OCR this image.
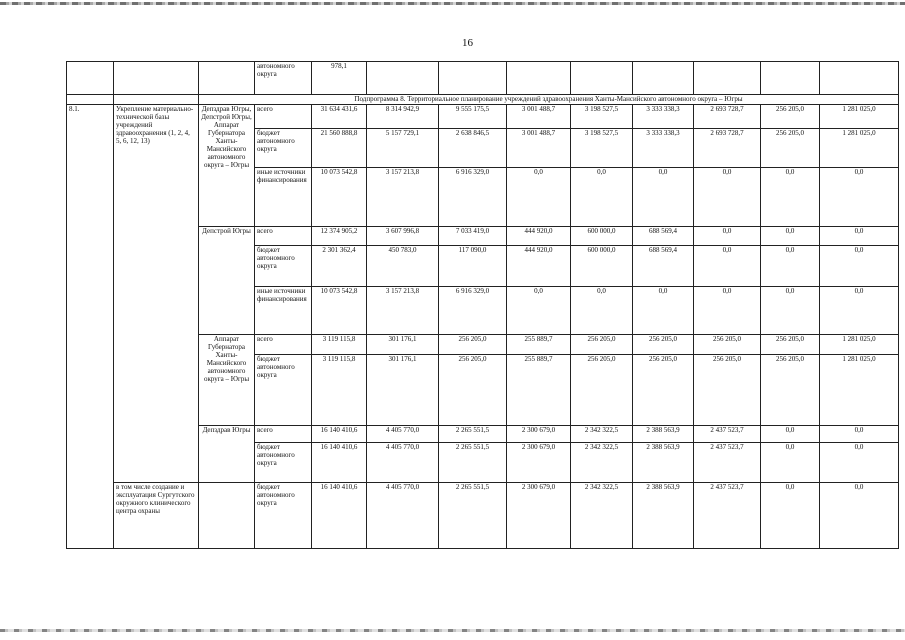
16
			автономного округа	978,1								
		Подпрограмма 8. Территориальное планирование учреждений здравоохранения Ханты-Мансийского автономного округа – Югры										
8.1.	Укрепление материально-технической базы учреждений здравоохранения (1, 2, 4, 5, 6, 12, 13)	Депздрав Югры, Депстрой Югры, Аппарат Губернатора Ханты-Мансийского автономного округа – Югры	всего	31 634 431,6	8 314 942,9	9 555 175,5	3 001 488,7	3 198 527,5	3 333 338,3	2 693 728,7	256 205,0	1 281 025,0
			бюджет автономного округа	21 560 888,8	5 157 729,1	2 638 846,5	3 001 488,7	3 198 527,5	3 333 338,3	2 693 728,7	256 205,0	1 281 025,0
			иные источники финансирования	10 073 542,8	3 157 213,8	6 916 329,0	0,0	0,0	0,0	0,0	0,0	0,0
		Депстрой Югры	всего	12 374 905,2	3 607 996,8	7 033 419,0	444 920,0	600 000,0	688 569,4	0,0	0,0	0,0
			бюджет автономного округа	2 301 362,4	450 783,0	117 090,0	444 920,0	600 000,0	688 569,4	0,0	0,0	0,0
			иные источники финансирования	10 073 542,8	3 157 213,8	6 916 329,0	0,0	0,0	0,0	0,0	0,0	0,0
		Аппарат Губернатора Ханты-Мансийского автономного округа – Югры	всего	3 119 115,8	301 176,1	256 205,0	255 889,7	256 205,0	256 205,0	256 205,0	256 205,0	1 281 025,0
			бюджет автономного округа	3 119 115,8	301 176,1	256 205,0	255 889,7	256 205,0	256 205,0	256 205,0	256 205,0	1 281 025,0
		Депздрав Югры	всего	16 140 410,6	4 405 770,0	2 265 551,5	2 300 679,0	2 342 322,5	2 388 563,9	2 437 523,7	0,0	0,0
			бюджет автономного округа	16 140 410,6	4 405 770,0	2 265 551,5	2 300 679,0	2 342 322,5	2 388 563,9	2 437 523,7	0,0	0,0
	в том числе создание и эксплуатация Сургутского окружного клинического центра охраны		бюджет автономного округа	16 140 410,6	4 405 770,0	2 265 551,5	2 300 679,0	2 342 322,5	2 388 563,9	2 437 523,7	0,0	0,0
